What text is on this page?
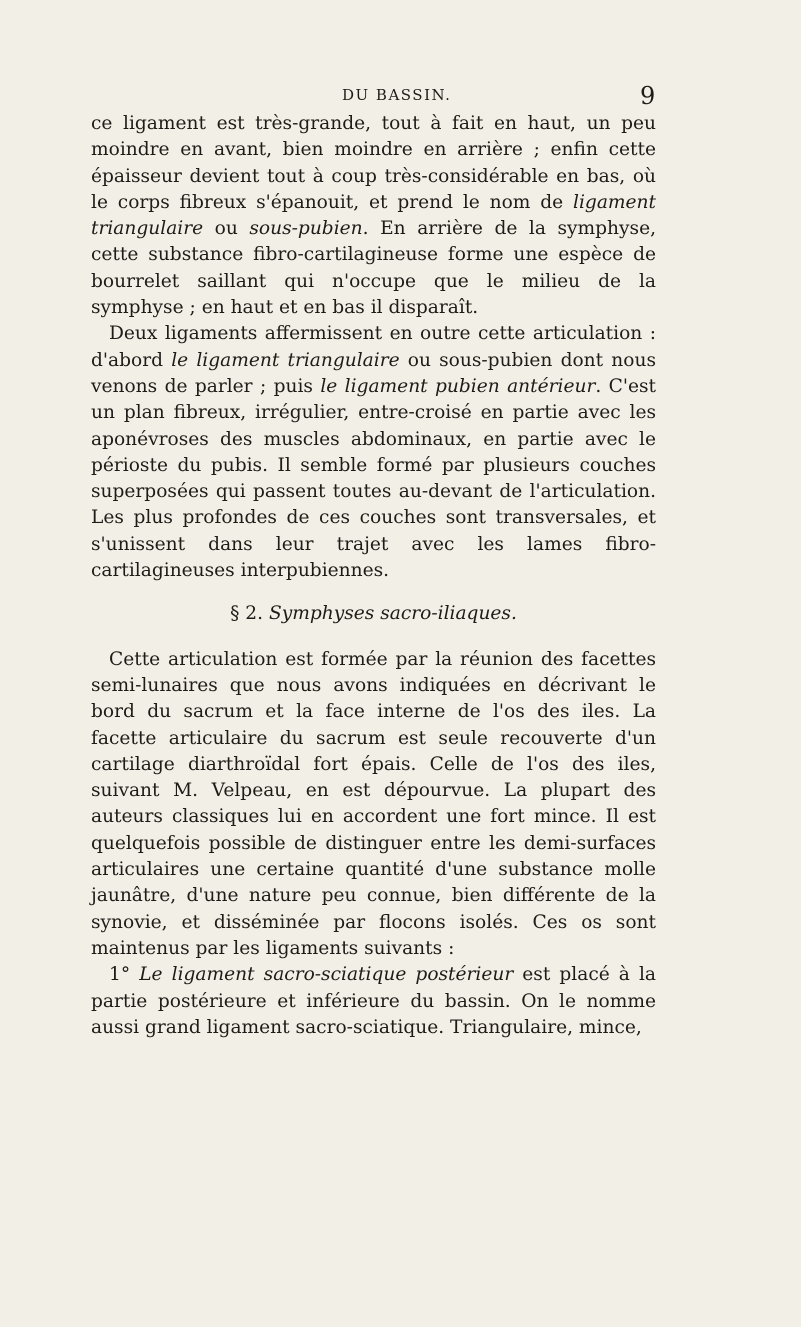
DU BASSIN.	9

ce ligament est très-grande, tout à fait en haut, un peu moindre en avant, bien moindre en arrière ; enfin cette épaisseur devient tout à coup très-considérable en bas, où le corps fibreux s'épanouit, et prend le nom de ligament triangulaire ou sous-pubien. En arrière de la symphyse, cette substance fibro-cartilagineuse forme une espèce de bourrelet saillant qui n'occupe que le milieu de la symphyse ; en haut et en bas il disparaît.

Deux ligaments affermissent en outre cette articulation : d'abord le ligament triangulaire ou sous-pubien dont nous venons de parler ; puis le ligament pubien antérieur. C'est un plan fibreux, irrégulier, entre-croisé en partie avec les aponévroses des muscles abdominaux, en partie avec le périoste du pubis. Il semble formé par plusieurs couches superposées qui passent toutes au-devant de l'articulation. Les plus profondes de ces couches sont transversales, et s'unissent dans leur trajet avec les lames fibro-cartilagineuses interpubiennes.

§ 2. Symphyses sacro-iliaques.

Cette articulation est formée par la réunion des facettes semi-lunaires que nous avons indiquées en décrivant le bord du sacrum et la face interne de l'os des iles. La facette articulaire du sacrum est seule recouverte d'un cartilage diarthroïdal fort épais. Celle de l'os des iles, suivant M. Velpeau, en est dépourvue. La plupart des auteurs classiques lui en accordent une fort mince. Il est quelquefois possible de distinguer entre les demi-surfaces articulaires une certaine quantité d'une substance molle jaunâtre, d'une nature peu connue, bien différente de la synovie, et disséminée par flocons isolés. Ces os sont maintenus par les ligaments suivants :

1° Le ligament sacro-sciatique postérieur est placé à la partie postérieure et inférieure du bassin. On le nomme aussi grand ligament sacro-sciatique. Triangulaire, mince,
